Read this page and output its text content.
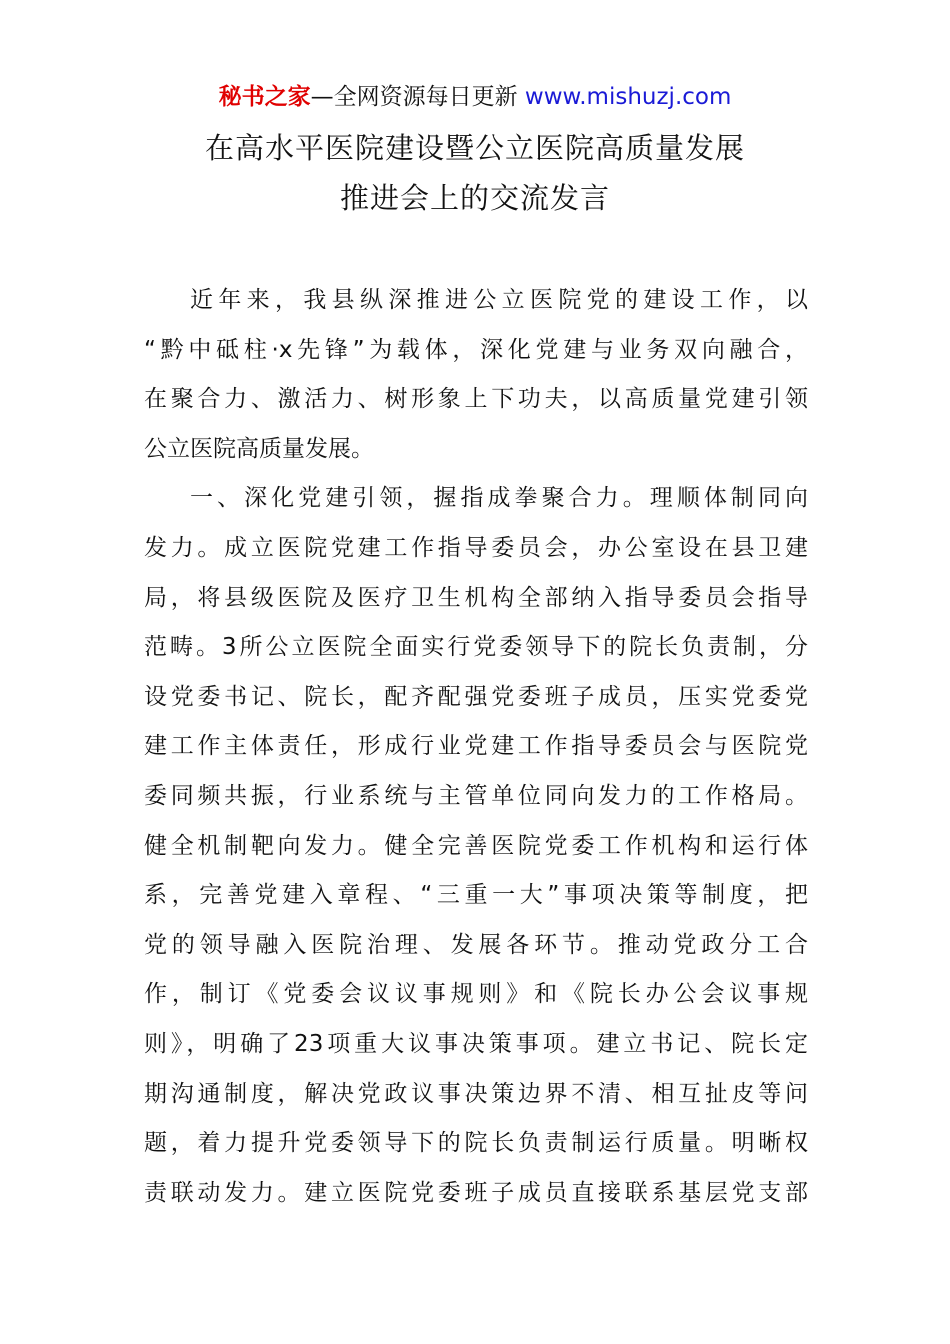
秘书之家—全网资源每日更新 www.mishuzj.com
在高水平医院建设暨公立医院高质量发展
推进会上的交流发言
近年来，我县纵深推进公立医院党的建设工作，以
“黔中砥柱·x先锋”为载体，深化党建与业务双向融合，
在聚合力、激活力、树形象上下功夫，以高质量党建引领
公立医院高质量发展。
一、深化党建引领，握指成拳聚合力。理顺体制同向
发力。成立医院党建工作指导委员会，办公室设在县卫建
局，将县级医院及医疗卫生机构全部纳入指导委员会指导
范畴。3所公立医院全面实行党委领导下的院长负责制，分
设党委书记、院长，配齐配强党委班子成员，压实党委党
建工作主体责任，形成行业党建工作指导委员会与医院党
委同频共振，行业系统与主管单位同向发力的工作格局。
健全机制靶向发力。健全完善医院党委工作机构和运行体
系，完善党建入章程、“三重一大”事项决策等制度，把
党的领导融入医院治理、发展各环节。推动党政分工合
作，制订《党委会议议事规则》和《院长办公会议事规
则》，明确了23项重大议事决策事项。建立书记、院长定
期沟通制度，解决党政议事决策边界不清、相互扯皮等问
题，着力提升党委领导下的院长负责制运行质量。明晰权
责联动发力。建立医院党委班子成员直接联系基层党支部
